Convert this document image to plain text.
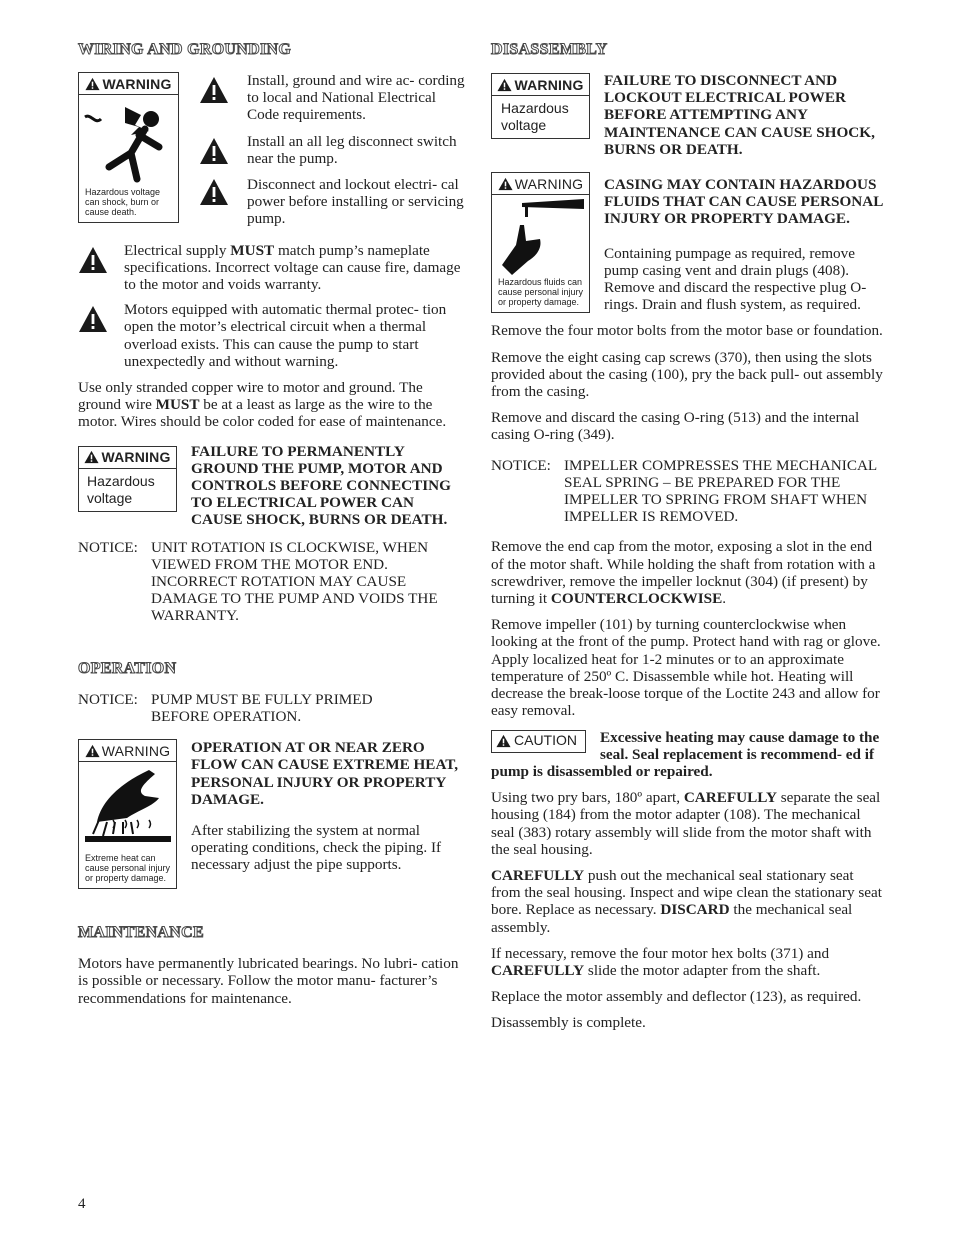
WIRING AND GROUNDING
WARNING
Hazardous voltage can shock, burn or cause death.
Install, ground and wire ac- cording to local and National Electrical Code requirements.
Install an all leg disconnect switch near the pump.
Disconnect and lockout electri- cal power before installing or servicing pump.
Electrical supply MUST match pump’s nameplate specifications. Incorrect voltage can cause fire, damage to the motor and voids warranty.
Motors equipped with automatic thermal protec- tion open the motor’s electrical circuit when a thermal overload exists. This can cause the pump to start unexpectedly and without warning.

Use only stranded copper wire to motor and ground. The ground wire MUST be at a least as large as the wire to the motor. Wires should be color coded for ease of maintenance.

WARNING
Hazardous voltage
FAILURE TO PERMANENTLY GROUND THE PUMP, MOTOR AND CONTROLS BEFORE CONNECTING TO ELECTRICAL POWER CAN CAUSE SHOCK, BURNS OR DEATH.
NOTICE: UNIT ROTATION IS CLOCKWISE, WHEN VIEWED FROM THE MOTOR END. INCORRECT ROTATION MAY CAUSE DAMAGE TO THE PUMP AND VOIDS THE WARRANTY.
OPERATION
NOTICE: PUMP MUST BE FULLY PRIMED BEFORE OPERATION.
WARNING
Extreme heat can cause personal injury or property damage.
OPERATION AT OR NEAR ZERO FLOW CAN CAUSE EXTREME HEAT, PERSONAL INJURY OR PROPERTY DAMAGE.

After stabilizing the system at normal operating conditions, check the piping. If necessary adjust the pipe supports.

MAINTENANCE

Motors have permanently lubricated bearings. No lubri- cation is possible or necessary. Follow the motor manu- facturer’s recommendations for maintenance.

DISASSEMBLY
WARNING
Hazardous voltage
FAILURE TO DISCONNECT AND LOCKOUT ELECTRICAL POWER BEFORE ATTEMPTING ANY MAINTENANCE CAN CAUSE SHOCK, BURNS OR DEATH.
WARNING
Hazardous fluids can cause personal injury or property damage.
CASING MAY CONTAIN HAZARDOUS FLUIDS THAT CAN CAUSE PERSONAL INJURY OR PROPERTY DAMAGE.

Containing pumpage as required, remove pump casing vent and drain plugs (408). Remove and discard the respective plug O-rings. Drain and flush system, as required.

Remove the four motor bolts from the motor base or foundation.

Remove the eight casing cap screws (370), then using the slots provided about the casing (100), pry the back pull- out assembly from the casing.

Remove and discard the casing O-ring (513) and the internal casing O-ring (349).

NOTICE: IMPELLER COMPRESSES THE MECHANICAL SEAL SPRING – BE PREPARED FOR THE IMPELLER TO SPRING FROM SHAFT WHEN IMPELLER IS REMOVED.

Remove the end cap from the motor, exposing a slot in the end of the motor shaft. While holding the shaft from rotation with a screwdriver, remove the impeller locknut (304) (if present) by turning it COUNTERCLOCKWISE.

Remove impeller (101) by turning counterclockwise when looking at the front of the pump. Protect hand with rag or glove. Apply localized heat for 1-2 minutes or to an approximate temperature of 250º C. Disassemble while hot. Heating will decrease the break-loose torque of the Loctite 243 and allow for easy removal.

CAUTION Excessive heating may cause damage to the seal. Seal replacement is recommend- ed if pump is disassembled or repaired.

Using two pry bars, 180º apart, CAREFULLY separate the seal housing (184) from the motor adapter (108). The mechanical seal (383) rotary assembly will slide from the motor shaft with the seal housing.

CAREFULLY push out the mechanical seal stationary seat from the seal housing. Inspect and wipe clean the stationary seat bore. Replace as necessary. DISCARD the mechanical seal assembly.

If necessary, remove the four motor hex bolts (371) and CAREFULLY slide the motor adapter from the shaft.

Replace the motor assembly and deflector (123), as required.

Disassembly is complete.

4
